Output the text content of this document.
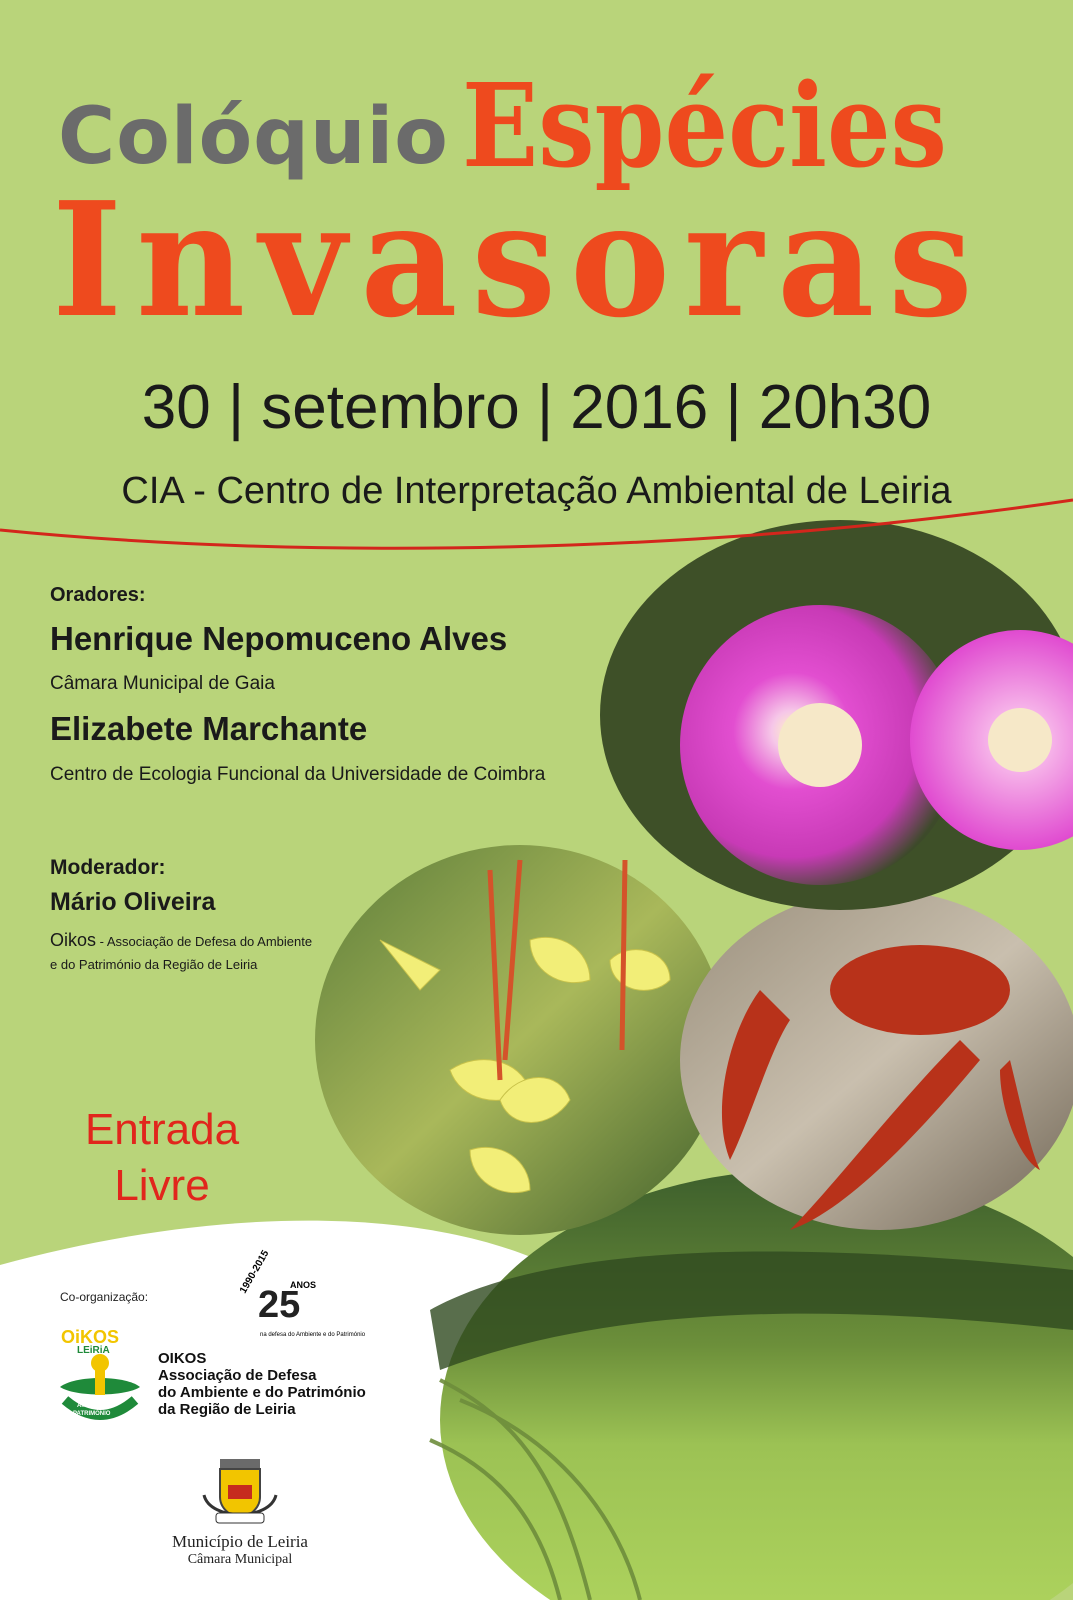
Colóquio Espécies
Invasoras
30 | setembro | 2016 | 20h30
CIA - Centro de Interpretação Ambiental de Leiria
Oradores:
Henrique Nepomuceno Alves
Câmara Municipal de Gaia
Elizabete Marchante
Centro de Ecologia Funcional da Universidade de Coimbra
Moderador:
Mário Oliveira
Oikos - Associação de Defesa do Ambiente
e do Património da Região de Leiria
Entrada
Livre
Co-organização:
1990-2015
25
ANOS
na defesa do Ambiente e do Património
OiKOS
LEiRiA
AMBIENTE
PATRIMÓNIO
OIKOS
Associação de Defesa
do Ambiente e do Património
da Região de Leiria
Município de Leiria
Câmara Municipal
